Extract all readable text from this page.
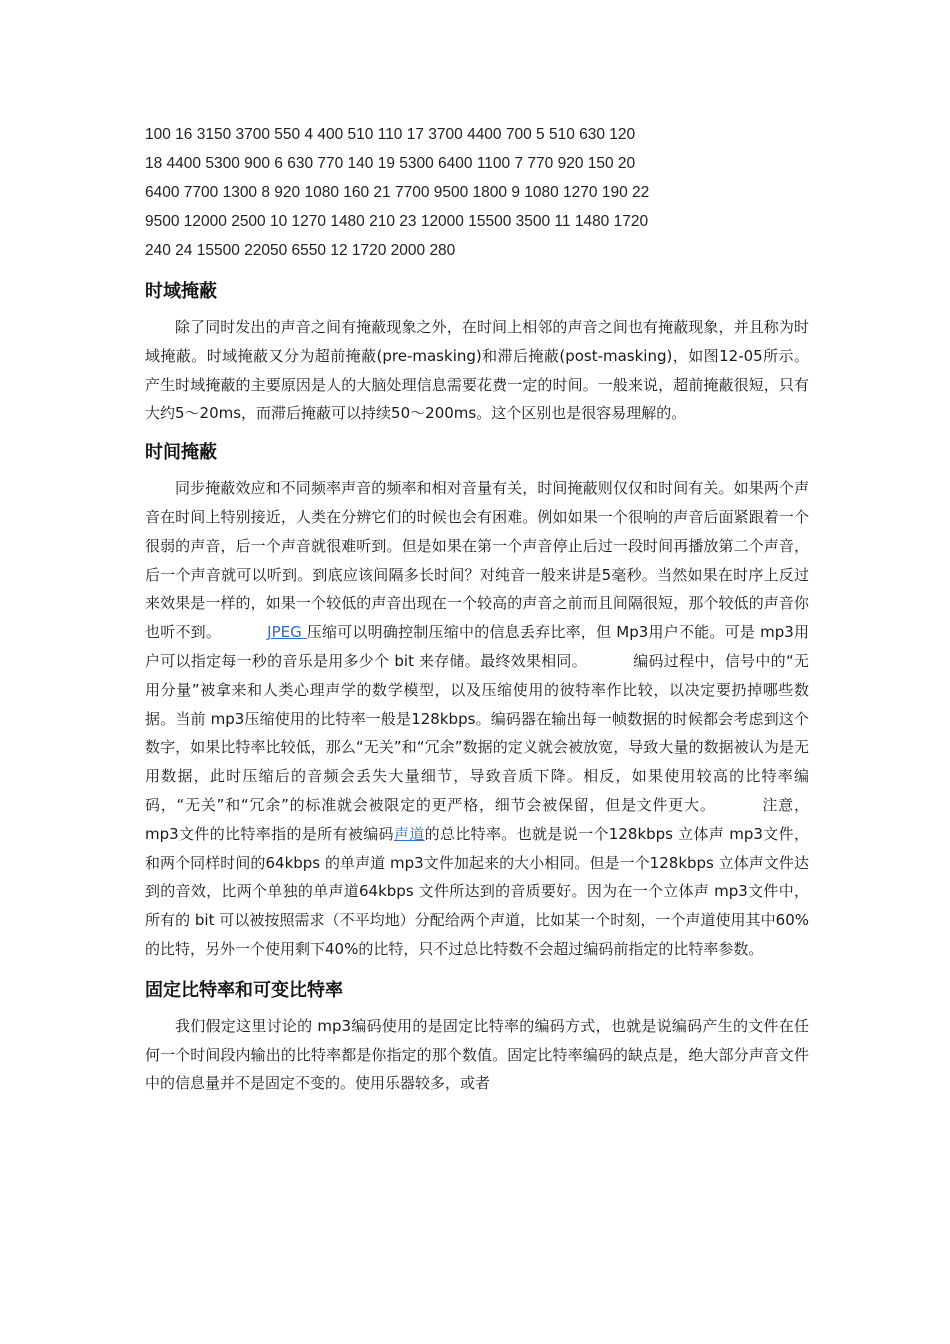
100 16 3150 3700 550 4 400 510 110 17 3700 4400 700 5 510 630 120
18 4400 5300 900 6 630 770 140 19 5300 6400 1100 7 770 920 150 20
6400 7700 1300 8 920 1080 160 21 7700 9500 1800 9 1080 1270 190 22
9500 12000 2500 10 1270 1480 210 23 12000 15500 3500 11 1480 1720
240 24 15500 22050 6550 12 1720 2000 280
时域掩蔽

除了同时发出的声音之间有掩蔽现象之外，在时间上相邻的声音之间也有掩蔽现象，并且称为时域掩蔽。时域掩蔽又分为超前掩蔽(pre-masking)和滞后掩蔽(post-masking)，如图12-05所示。产生时域掩蔽的主要原因是人的大脑处理信息需要花费一定的时间。一般来说，超前掩蔽很短，只有大约5～20ms，而滞后掩蔽可以持续50～200ms。这个区别也是很容易理解的。

时间掩蔽

同步掩蔽效应和不同频率声音的频率和相对音量有关，时间掩蔽则仅仅和时间有关。如果两个声音在时间上特别接近，人类在分辨它们的时候也会有困难。例如如果一个很响的声音后面紧跟着一个很弱的声音，后一个声音就很难听到。但是如果在第一个声音停止后过一段时间再播放第二个声音，后一个声音就可以听到。到底应该间隔多长时间？对纯音一般来讲是5毫秒。当然如果在时序上反过来效果是一样的，如果一个较低的声音出现在一个较高的声音之前而且间隔很短，那个较低的声音你也听不到。	JPEG 压缩可以明确控制压缩中的信息丢弃比率，但 Mp3用户不能。可是 mp3用户可以指定每一秒的音乐是用多少个 bit 来存储。最终效果相同。	编码过程中，信号中的“无用分量”被拿来和人类心理声学的数学模型，以及压缩使用的彼特率作比较，以决定要扔掉哪些数据。当前 mp3压缩使用的比特率一般是128kbps。编码器在输出每一帧数据的时候都会考虑到这个数字，如果比特率比较低，那么“无关”和“冗余”数据的定义就会被放宽，导致大量的数据被认为是无用数据，此时压缩后的音频会丢失大量细节，导致音质下降。相反，如果使用较高的比特率编码，“无关”和“冗余”的标准就会被限定的更严格，细节会被保留，但是文件更大。	注意，mp3文件的比特率指的是所有被编码声道的总比特率。也就是说一个128kbps 立体声 mp3文件，和两个同样时间的64kbps 的单声道 mp3文件加起来的大小相同。但是一个128kbps 立体声文件达到的音效，比两个单独的单声道64kbps 文件所达到的音质要好。因为在一个立体声 mp3文件中，所有的 bit 可以被按照需求（不平均地）分配给两个声道，比如某一个时刻，一个声道使用其中60%的比特，另外一个使用剩下40%的比特，只不过总比特数不会超过编码前指定的比特率参数。

固定比特率和可变比特率

我们假定这里讨论的 mp3编码使用的是固定比特率的编码方式，也就是说编码产生的文件在任何一个时间段内输出的比特率都是你指定的那个数值。固定比特率编码的缺点是，绝大部分声音文件中的信息量并不是固定不变的。使用乐器较多，或者
